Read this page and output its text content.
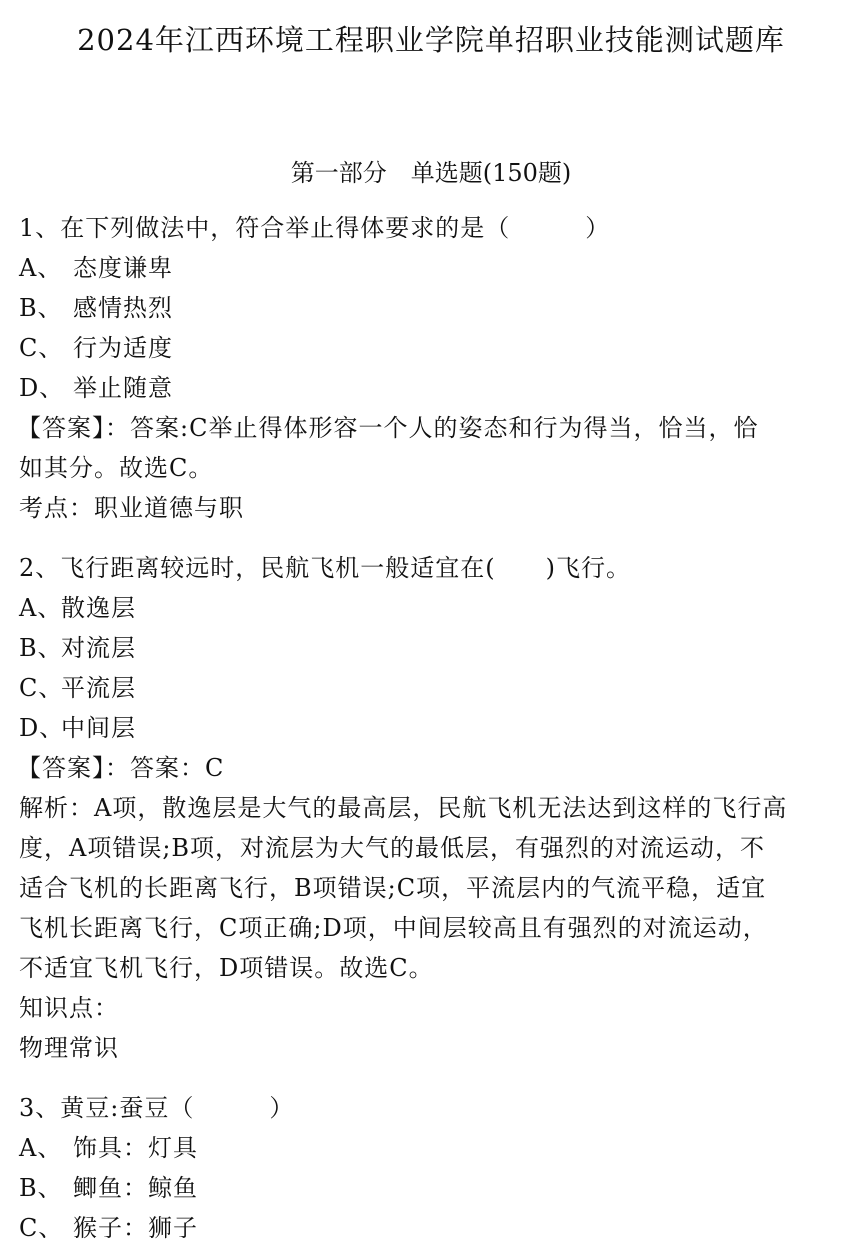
2024年江西环境工程职业学院单招职业技能测试题库
第一部分　单选题(150题)
1、在下列做法中，符合举止得体要求的是（　　　）
A、 态度谦卑
B、 感情热烈
C、 行为适度
D、 举止随意
【答案】：答案:C举止得体形容一个人的姿态和行为得当，恰当，恰
如其分。故选C。
考点：职业道德与职
2、飞行距离较远时，民航飞机一般适宜在(　　)飞行。
A、散逸层
B、对流层
C、平流层
D、中间层
【答案】：答案：C
解析：A项，散逸层是大气的最高层，民航飞机无法达到这样的飞行高
度，A项错误;B项，对流层为大气的最低层，有强烈的对流运动，不
适合飞机的长距离飞行，B项错误;C项，平流层内的气流平稳，适宜
飞机长距离飞行，C项正确;D项，中间层较高且有强烈的对流运动，
不适宜飞机飞行，D项错误。故选C。
知识点：
物理常识
3、黄豆:蚕豆（　　　）
A、 饰具：灯具
B、 鲫鱼：鲸鱼
C、 猴子：狮子
